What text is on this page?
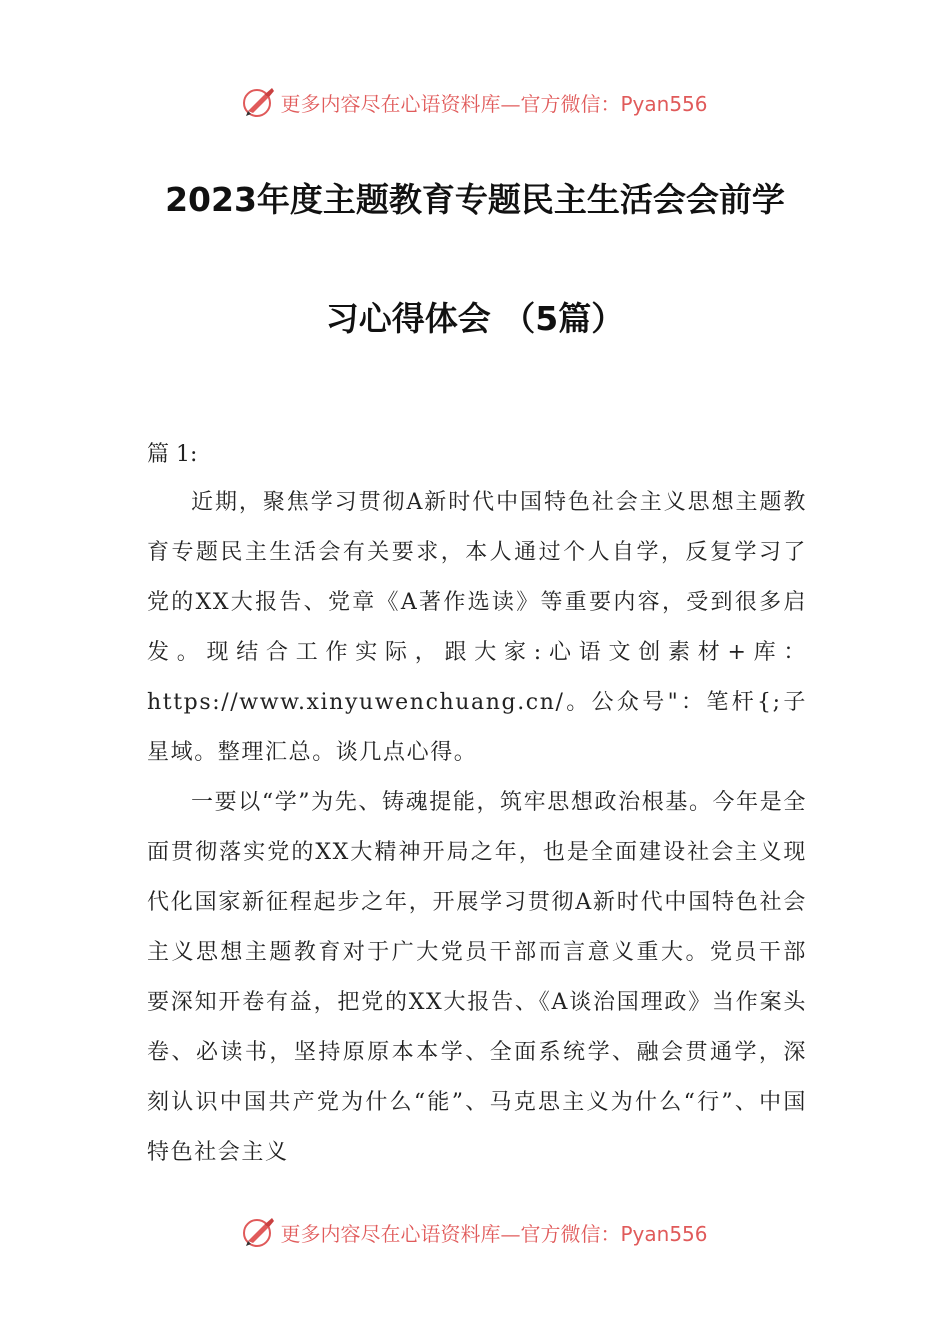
更多内容尽在心语资料库—官方微信：Pyan556
2023年度主题教育专题民主生活会会前学
习心得体会 （5篇）
篇 1:

近期，聚焦学习贯彻A新时代中国特色社会主义思想主题教育专题民主生活会有关要求，本人通过个人自学，反复学习了党的XX大报告、党章《A著作选读》等重要内容，受到很多启发。现结合工作实际，跟大家:心语文创素材+库：https://www.xinyuwenchuang.cn/。公众号"：笔杆{;子星域。整理汇总。谈几点心得。

一要以“学”为先、铸魂提能，筑牢思想政治根基。今年是全面贯彻落实党的XX大精神开局之年，也是全面建设社会主义现代化国家新征程起步之年，开展学习贯彻A新时代中国特色社会主义思想主题教育对于广大党员干部而言意义重大。党员干部要深知开卷有益，把党的XX大报告、《A谈治国理政》当作案头卷、必读书，坚持原原本本学、全面系统学、融会贯通学，深刻认识中国共产党为什么“能”、马克思主义为什么“行”、中国特色社会主义

更多内容尽在心语资料库—官方微信：Pyan556
